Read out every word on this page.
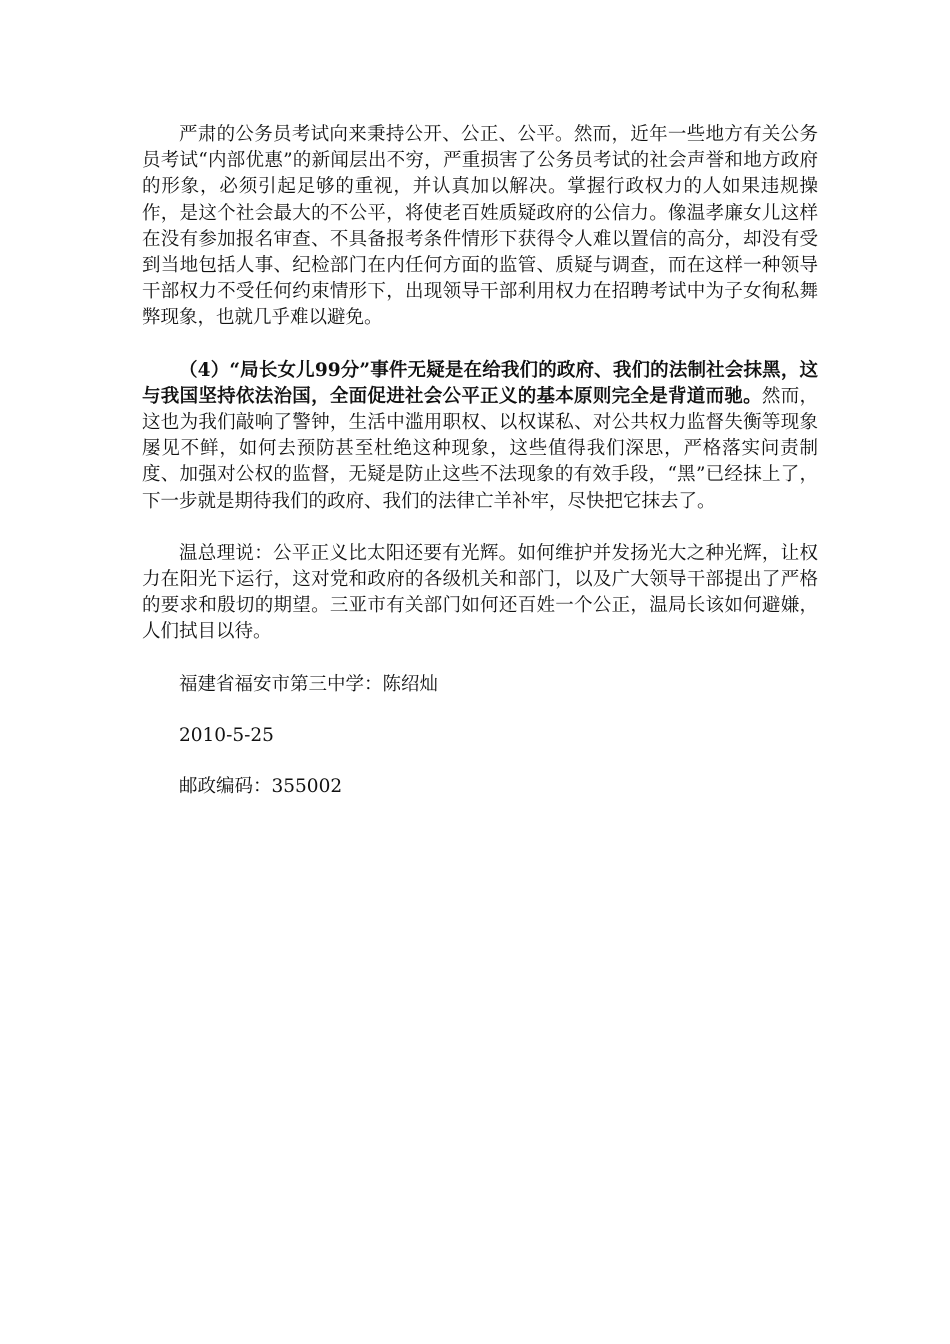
严肃的公务员考试向来秉持公开、公正、公平。然而，近年一些地方有关公务员考试“内部优惠”的新闻层出不穷，严重损害了公务员考试的社会声誉和地方政府的形象，必须引起足够的重视，并认真加以解决。掌握行政权力的人如果违规操作，是这个社会最大的不公平，将使老百姓质疑政府的公信力。像温孝廉女儿这样在没有参加报名审查、不具备报考条件情形下获得令人难以置信的高分，却没有受到当地包括人事、纪检部门在内任何方面的监管、质疑与调查，而在这样一种领导干部权力不受任何约束情形下，出现领导干部利用权力在招聘考试中为子女徇私舞弊现象，也就几乎难以避免。

（4）“局长女儿99分”事件无疑是在给我们的政府、我们的法制社会抹黑，这与我国坚持依法治国，全面促进社会公平正义的基本原则完全是背道而驰。然而，这也为我们敲响了警钟，生活中滥用职权、以权谋私、对公共权力监督失衡等现象屡见不鲜，如何去预防甚至杜绝这种现象，这些值得我们深思，严格落实问责制度、加强对公权的监督，无疑是防止这些不法现象的有效手段，“黑”已经抹上了，下一步就是期待我们的政府、我们的法律亡羊补牢，尽快把它抹去了。

温总理说：公平正义比太阳还要有光辉。如何维护并发扬光大之种光辉，让权力在阳光下运行，这对党和政府的各级机关和部门，以及广大领导干部提出了严格的要求和殷切的期望。三亚市有关部门如何还百姓一个公正，温局长该如何避嫌，人们拭目以待。

福建省福安市第三中学：陈绍灿

2010-5-25

邮政编码：355002
